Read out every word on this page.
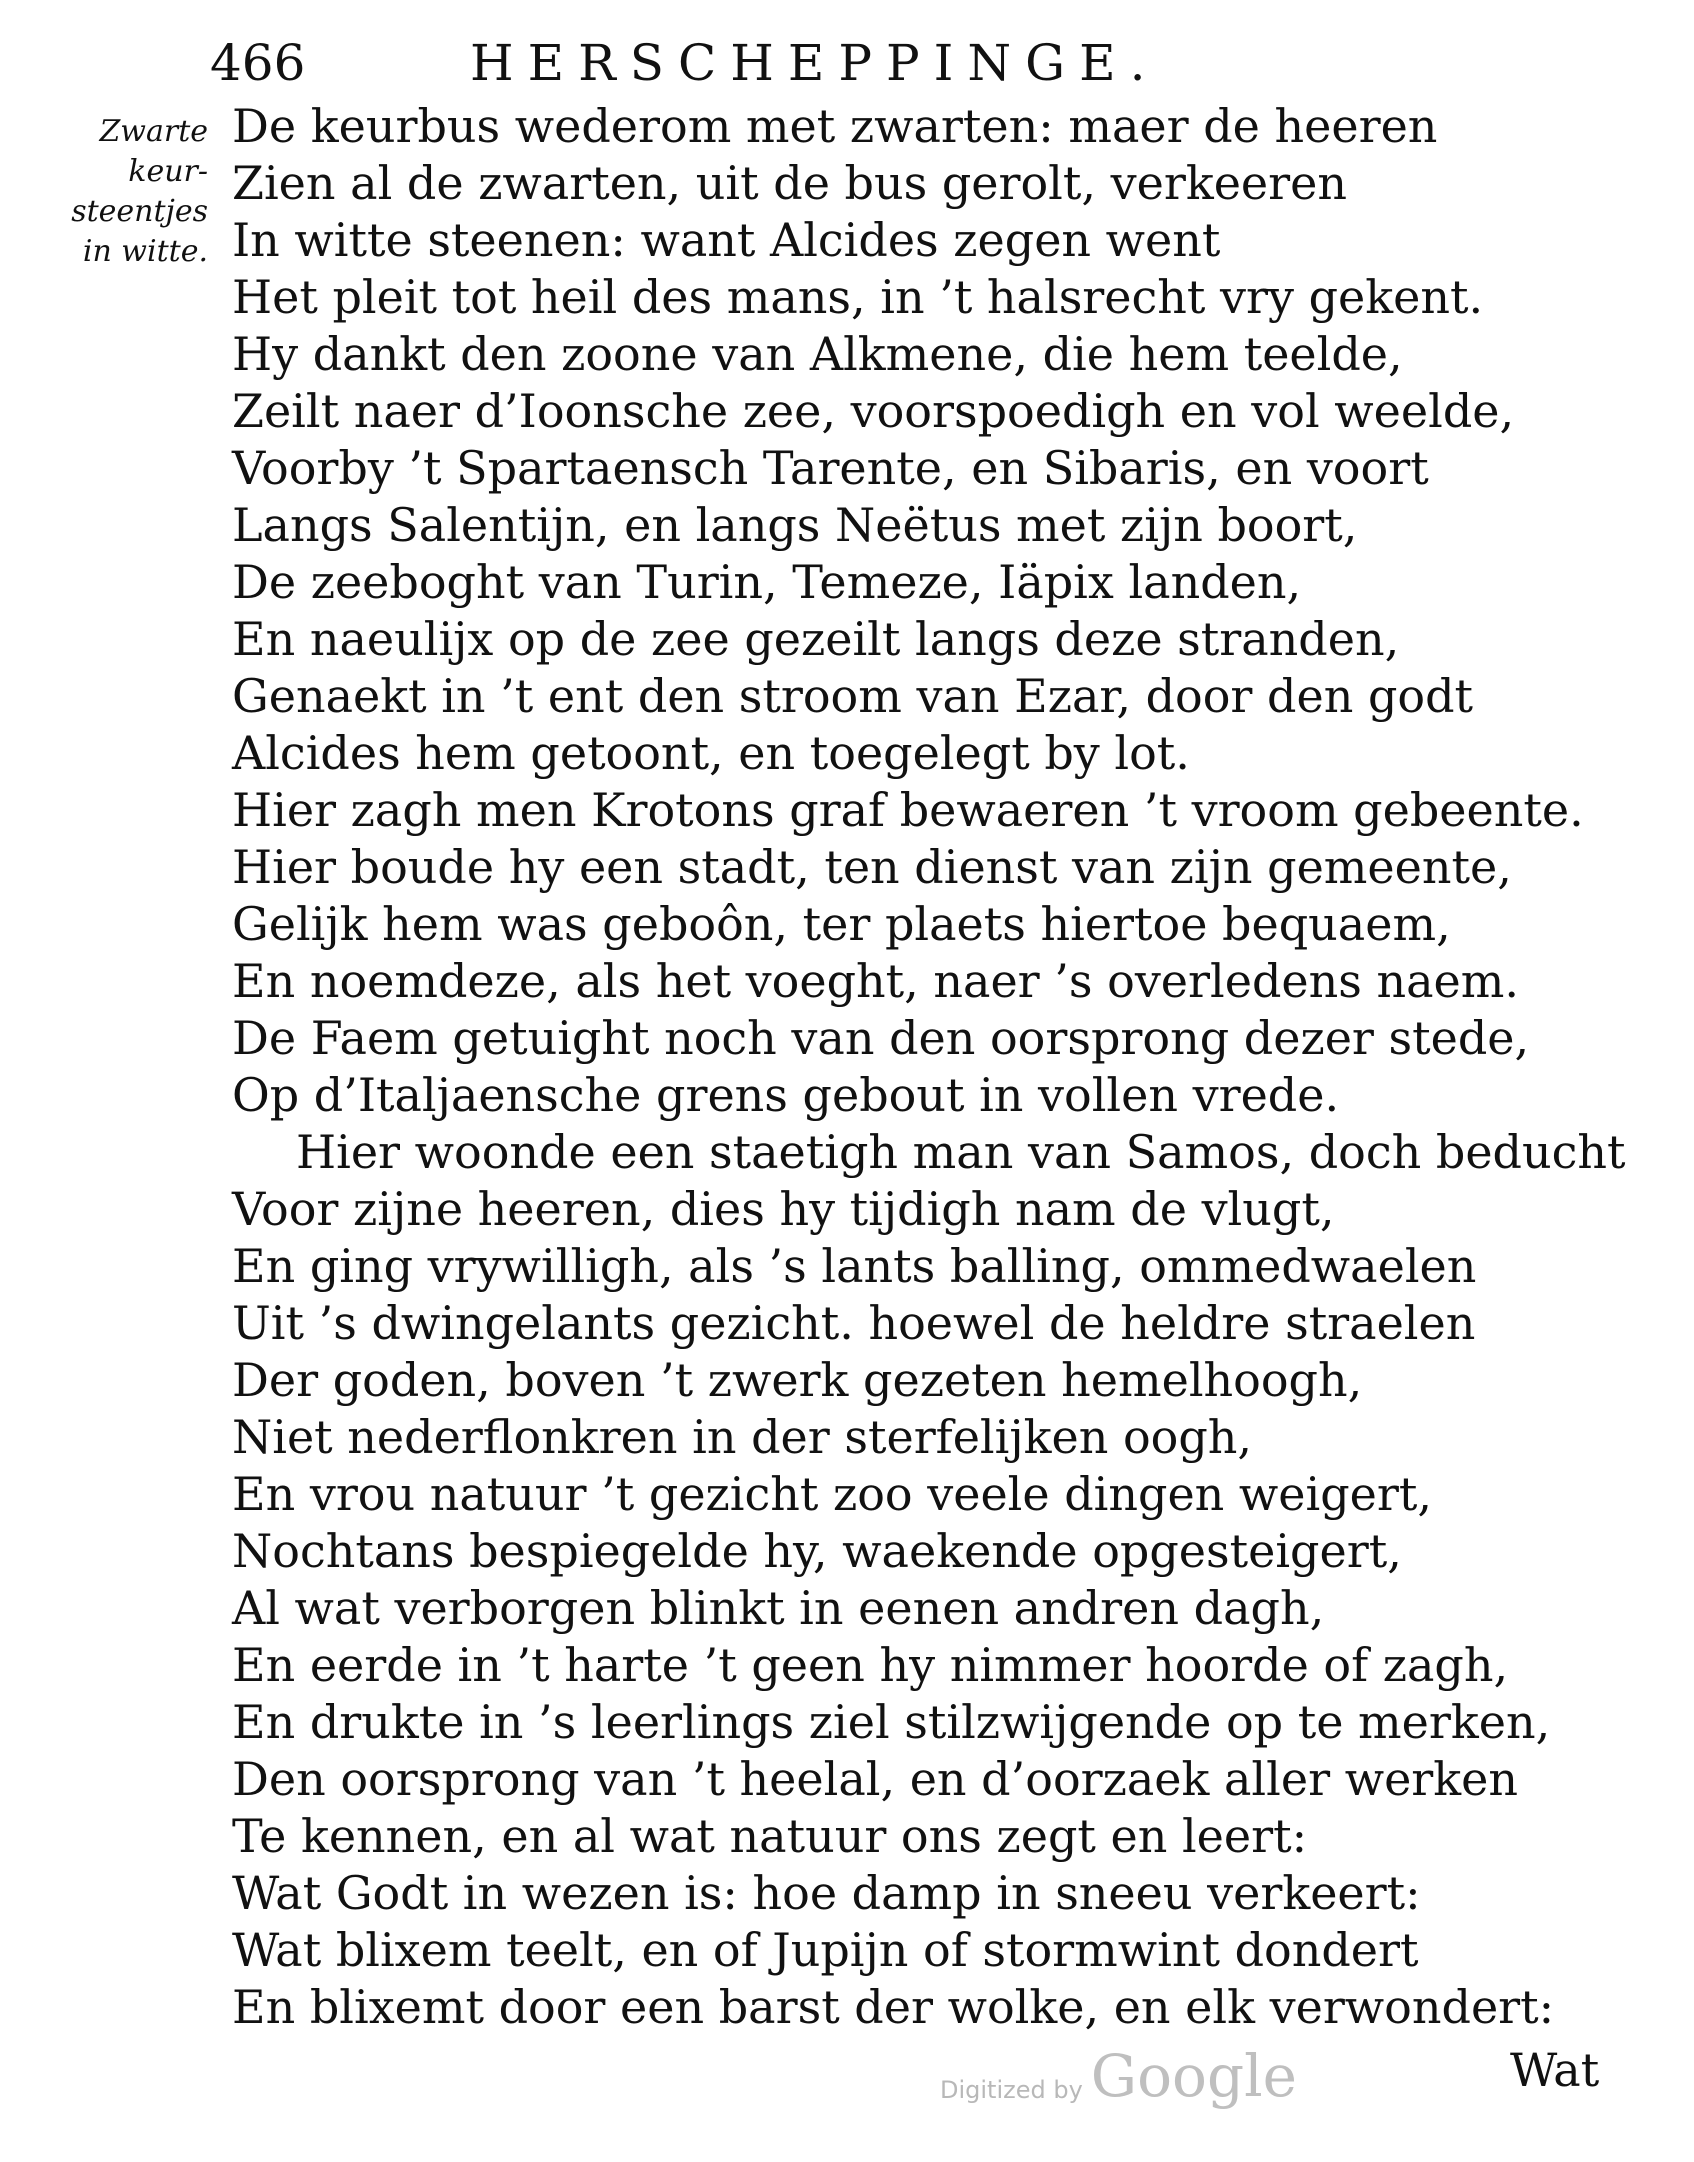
466	HERSCHEPPINGE.
Zwarte
keur-
steentjes
in witte.
De keurbus wederom met zwarten: maer de heeren
Zien al de zwarten, uit de bus gerolt, verkeeren
In witte steenen: want Alcides zegen went
Het pleit tot heil des mans, in ’t halsrecht vry gekent.
Hy dankt den zoone van Alkmene, die hem teelde,
Zeilt naer d’Ioonsche zee, voorspoedigh en vol weelde,
Voorby ’t Spartaensch Tarente, en Sibaris, en voort
Langs Salentijn, en langs Neëtus met zijn boort,
De zeeboght van Turin, Temeze, Iäpix landen,
En naeulijx op de zee gezeilt langs deze stranden,
Genaekt in ’t ent den stroom van Ezar, door den godt
Alcides hem getoont, en toegelegt by lot.
Hier zagh men Krotons graf bewaeren ’t vroom gebeente.
Hier boude hy een stadt, ten dienst van zijn gemeente,
Gelijk hem was geboôn, ter plaets hiertoe bequaem,
En noemdeze, als het voeght, naer ’s overledens naem.
De Faem getuight noch van den oorsprong dezer stede,
Op d’Italjaensche grens gebout in vollen vrede.
Hier woonde een staetigh man van Samos, doch beducht
Voor zijne heeren, dies hy tijdigh nam de vlugt,
En ging vrywilligh, als ’s lants balling, ommedwaelen
Uit ’s dwingelants gezicht. hoewel de heldre straelen
Der goden, boven ’t zwerk gezeten hemelhoogh,
Niet nederflonkren in der sterfelijken oogh,
En vrou natuur ’t gezicht zoo veele dingen weigert,
Nochtans bespiegelde hy, waekende opgesteigert,
Al wat verborgen blinkt in eenen andren dagh,
En eerde in ’t harte ’t geen hy nimmer hoorde of zagh,
En drukte in ’s leerlings ziel stilzwijgende op te merken,
Den oorsprong van ’t heelal, en d’oorzaek aller werken
Te kennen, en al wat natuur ons zegt en leert:
Wat Godt in wezen is: hoe damp in sneeu verkeert:
Wat blixem teelt, en of Jupijn of stormwint dondert
En blixemt door een barst der wolke, en elk verwondert:
Digitized by Google	Wat
